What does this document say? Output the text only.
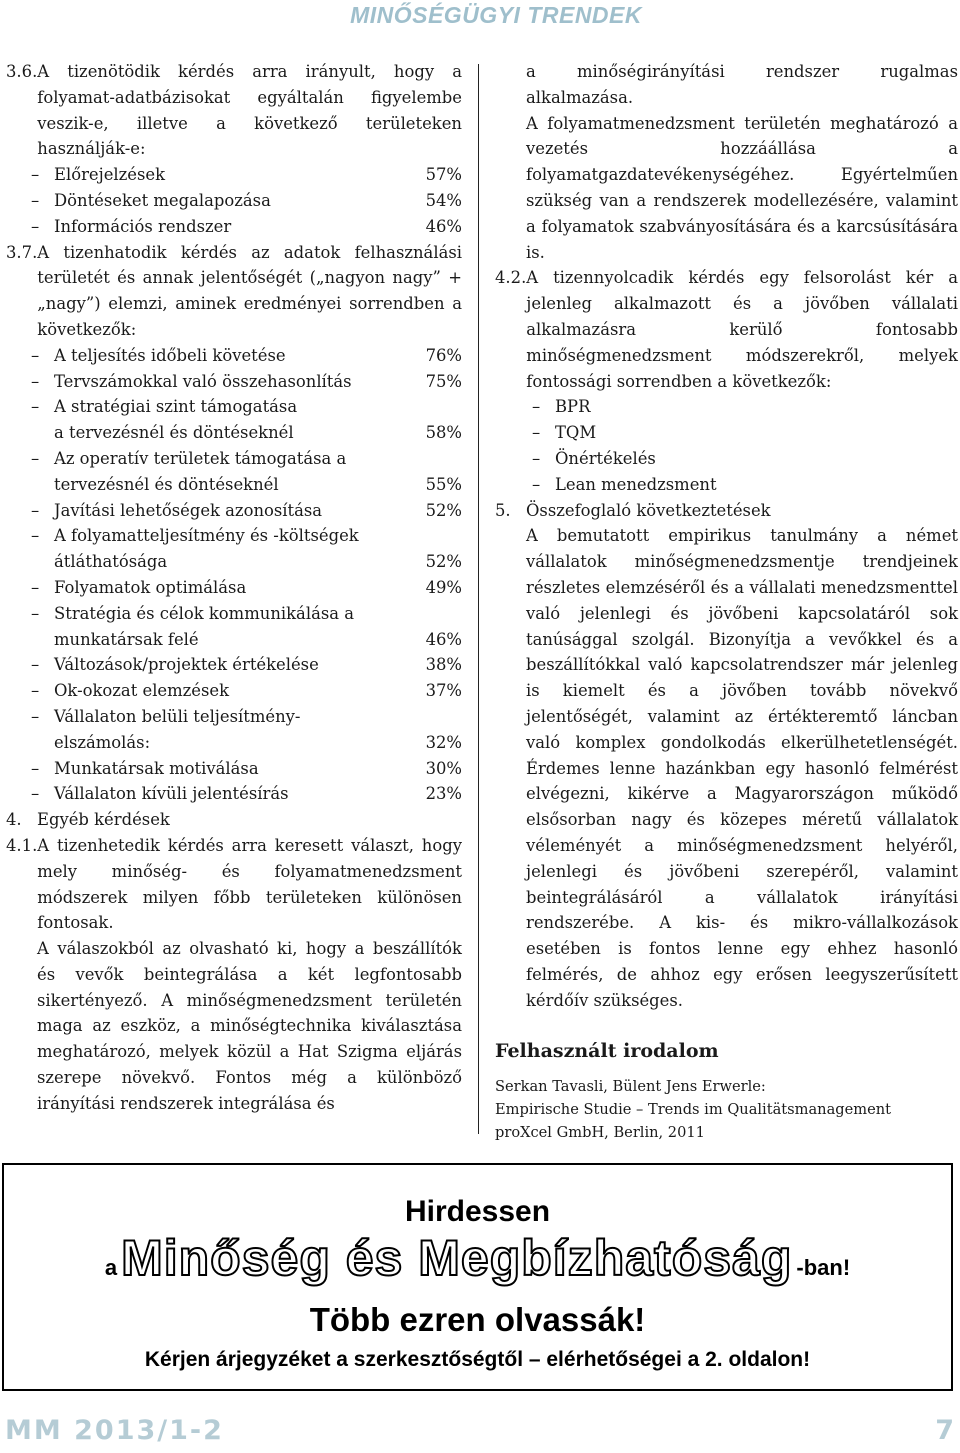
MINŐSÉGÜGYI TRENDEK
3.6. A tizenötödik kérdés arra irányult, hogy a folyamat-adatbázisokat egyáltalán figyelembe veszik-e, illetve a következő területeken használják-e:
– Előrejelzések	57%
– Döntéseket megalapozása	54%
– Információs rendszer	46%
3.7. A tizenhatodik kérdés az adatok felhasználási területét és annak jelentőségét („nagyon nagy” + „nagy”) elemzi, aminek eredményei sorrendben a következők:
– A teljesítés időbeli követése	76%
– Tervszámokkal való összehasonlítás	75%
– A stratégiai szint támogatása
a tervezésnél és döntéseknél	58%
– Az operatív területek támogatása a
tervezésnél és döntéseknél	55%
– Javítási lehetőségek azonosítása	52%
– A folyamatteljesítmény és -költségek
átláthatósága	52%
– Folyamatok optimálása	49%
– Stratégia és célok kommunikálása a
munkatársak felé	46%
– Változások/projektek értékelése	38%
– Ok-okozat elemzések	37%
– Vállalaton belüli teljesítmény-
elszámolás:	32%
– Munkatársak motiválása	30%
– Vállalaton kívüli jelentésírás	23%
4. Egyéb kérdések
4.1. A tizenhetedik kérdés arra keresett választ, hogy mely minőség- és folyamatmenedzsment módszerek milyen főbb területeken különösen fontosak.
A válaszokból az olvasható ki, hogy a beszállítók és vevők beintegrálása a két legfontosabb sikertényező. A minőségmenedzsment területén maga az eszköz, a minőségtechnika kiválasztása meghatározó, melyek közül a Hat Szigma eljárás szerepe növekvő. Fontos még a különböző irányítási rendszerek integrálása és
a minőségirányítási rendszer rugalmas alkalmazása.
A folyamatmenedzsment területén meghatározó a vezetés hozzáállása a folyamatgazdatevékenységéhez. Egyértelműen szükség van a rendszerek modellezésére, valamint a folyamatok szabványosítására és a karcsúsítására is.
4.2. A tizennyolcadik kérdés egy felsorolást kér a jelenleg alkalmazott és a jövőben vállalati alkalmazásra kerülő fontosabb minőségmenedzsment módszerekről, melyek fontossági sorrendben a következők:
– BPR
– TQM
– Önértékelés
– Lean menedzsment
5. Összefoglaló következtetések
A bemutatott empirikus tanulmány a német vállalatok minőségmenedzsmentje trendjeinek részletes elemzéséről és a vállalati menedzsmenttel való jelenlegi és jövőbeni kapcsolatáról sok tanúsággal szolgál. Bizonyítja a vevőkkel és a beszállítókkal való kapcsolatrendszer már jelenleg is kiemelt és a jövőben tovább növekvő jelentőségét, valamint az értékteremtő láncban való komplex gondolkodás elkerülhetetlenségét. Érdemes lenne hazánkban egy hasonló felmérést elvégezni, kikérve a Magyarországon működő elsősorban nagy és közepes méretű vállalatok véleményét a minőségmenedzsment helyéről, jelenlegi és jövőbeni szerepéről, valamint beintegrálásáról a vállalatok irányítási rendszerébe. A kis- és mikro-vállalkozások esetében is fontos lenne egy ehhez hasonló felmérés, de ahhoz egy erősen leegyszerűsített kérdőív szükséges.
Felhasznált irodalom
Serkan Tavasli, Bülent Jens Erwerle:
Empirische Studie – Trends im Qualitätsmanagement
proXcel GmbH, Berlin, 2011
Hirdessen
aMinőség és Megbízhatóság -ban!
Több ezren olvassák!
Kérjen árjegyzéket a szerkesztőségtől – elérhetőségei a 2. oldalon!
MM 2013/1-2	7
